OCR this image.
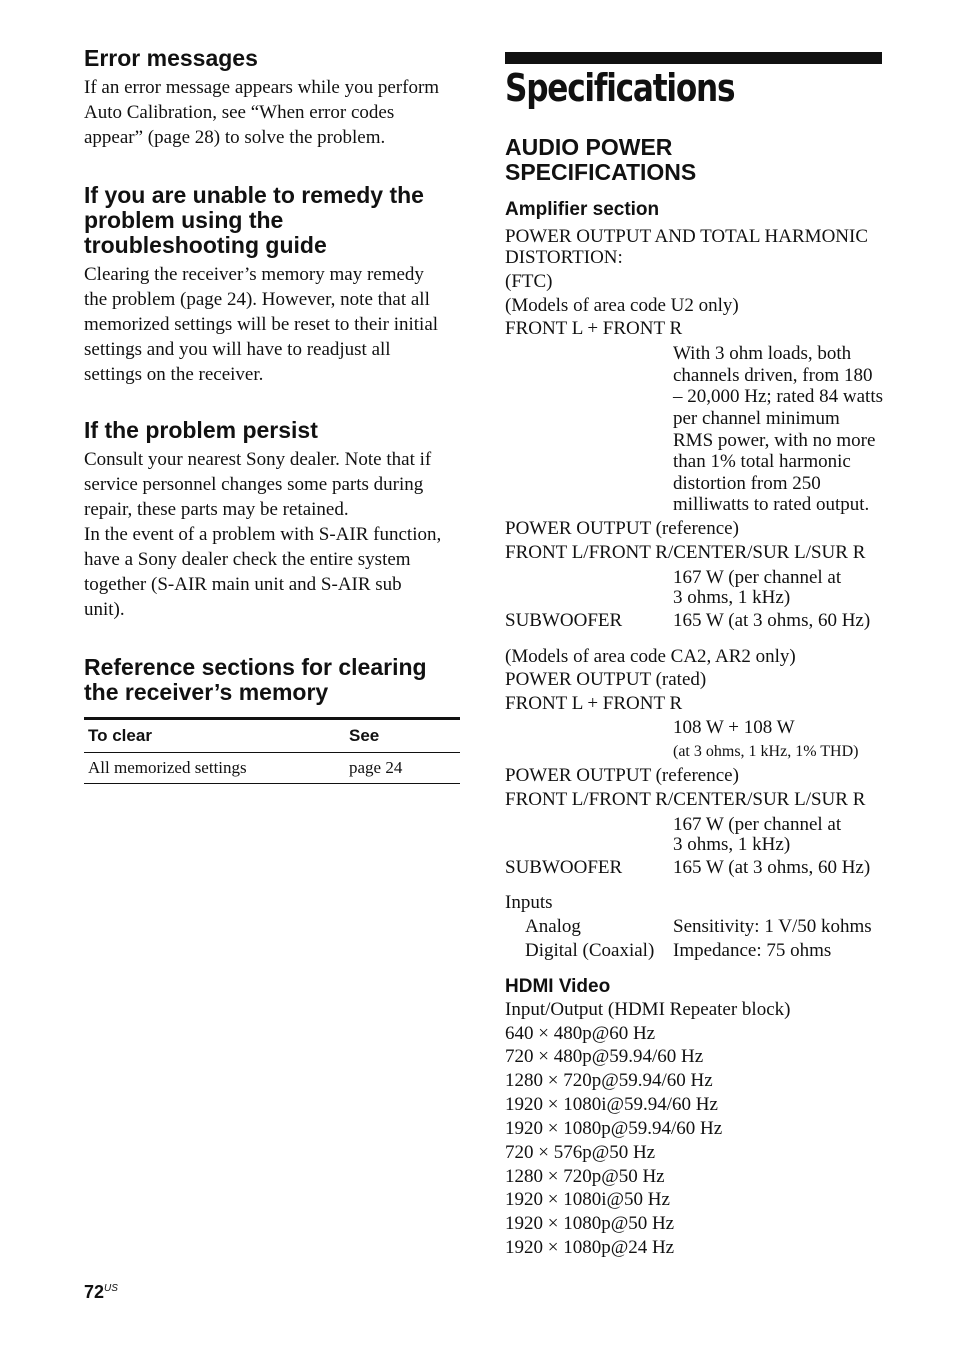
Error messages
If an error message appears while you perform
Auto Calibration, see “When error codes
appear” (page 28) to solve the problem.
If you are unable to remedy the
problem using the
troubleshooting guide
Clearing the receiver’s memory may remedy
the problem (page 24). However, note that all
memorized settings will be reset to their initial
settings and you will have to readjust all
settings on the receiver.
If the problem persist
Consult your nearest Sony dealer. Note that if
service personnel changes some parts during
repair, these parts may be retained.
In the event of a problem with S-AIR function,
have a Sony dealer check the entire system
together (S-AIR main unit and S-AIR sub
unit).
Reference sections for clearing
the receiver’s memory
To clear	See
All memorized settings	page 24
Specifications
AUDIO POWER
SPECIFICATIONS
Amplifier section
POWER OUTPUT AND TOTAL HARMONIC
DISTORTION:
(FTC)
(Models of area code U2 only)
FRONT L + FRONT R
With 3 ohm loads, both
channels driven, from 180
– 20,000 Hz; rated 84 watts
per channel minimum
RMS power, with no more
than 1% total harmonic
distortion from 250
milliwatts to rated output.
POWER OUTPUT (reference)
FRONT L/FRONT R/CENTER/SUR L/SUR R
167 W (per channel at
3 ohms, 1 kHz)
SUBWOOFER	165 W (at 3 ohms, 60 Hz)
(Models of area code CA2, AR2 only)
POWER OUTPUT (rated)
FRONT L + FRONT R
108 W + 108 W
(at 3 ohms, 1 kHz, 1% THD)
POWER OUTPUT (reference)
FRONT L/FRONT R/CENTER/SUR L/SUR R
167 W (per channel at
3 ohms, 1 kHz)
SUBWOOFER	165 W (at 3 ohms, 60 Hz)
Inputs
Analog	Sensitivity: 1 V/50 kohms
Digital (Coaxial) Impedance: 75 ohms
HDMI Video
Input/Output (HDMI Repeater block)
640 × 480p@60 Hz
720 × 480p@59.94/60 Hz
1280 × 720p@59.94/60 Hz
1920 × 1080i@59.94/60 Hz
1920 × 1080p@59.94/60 Hz
720 × 576p@50 Hz
1280 × 720p@50 Hz
1920 × 1080i@50 Hz
1920 × 1080p@50 Hz
1920 × 1080p@24 Hz
$72^{US}$
